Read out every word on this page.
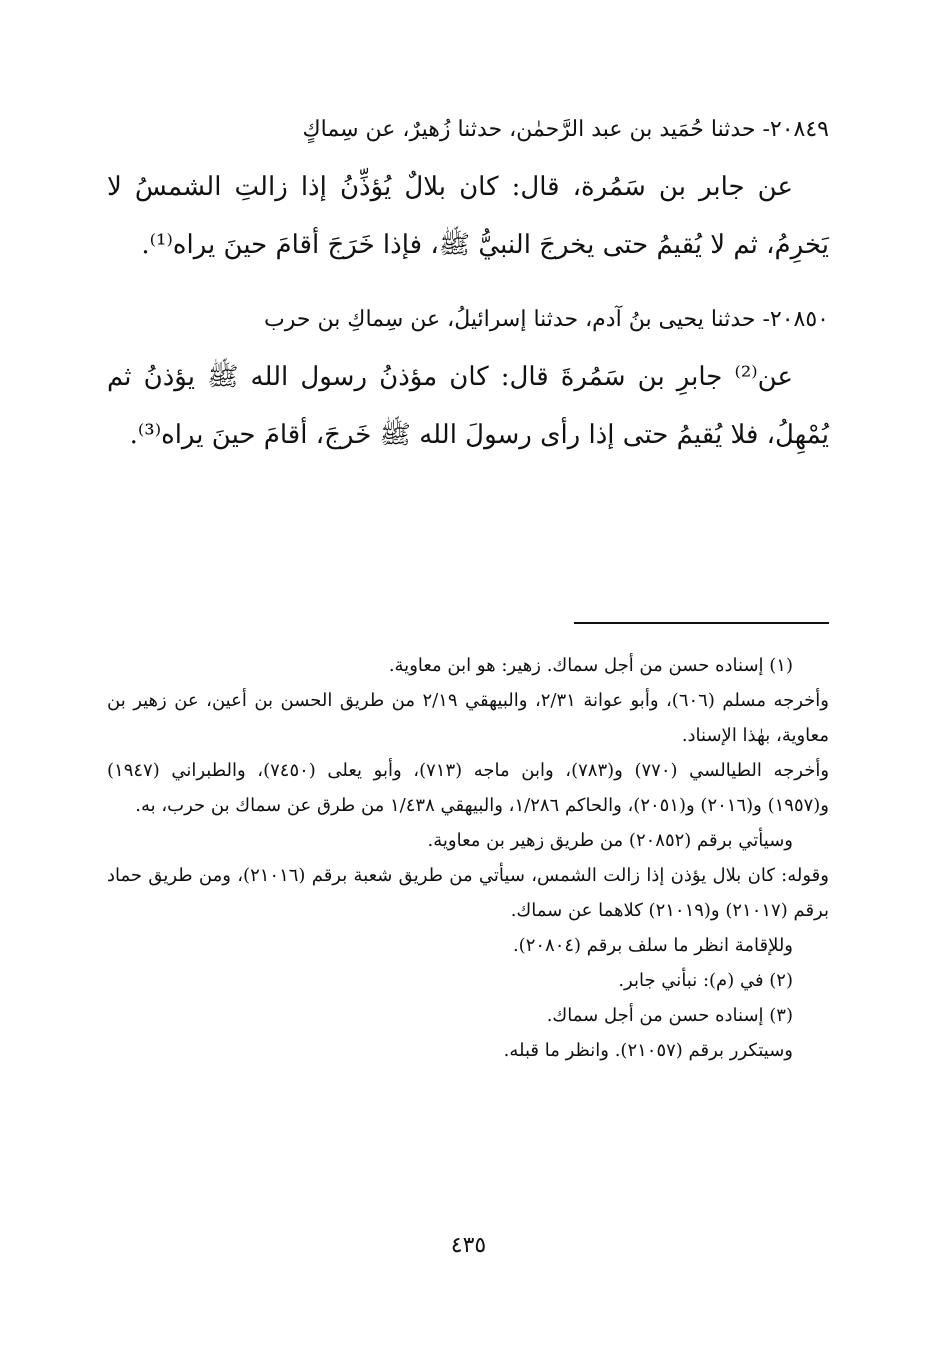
٢٠٨٤٩- حدثنا حُمَيد بن عبد الرَّحمٰن، حدثنا زُهيرٌ، عن سِماكٍ

عن جابر بن سَمُرة، قال: كان بلالٌ يُؤذِّنُ إذا زالتِ الشمسُ لا يَخرِمُ، ثم لا يُقيمُ حتى يخرجَ النبيُّ ﷺ، فإذا خَرَجَ أقامَ حينَ يراه⁽¹⁾.

٢٠٨٥٠- حدثنا يحيى بنُ آدم، حدثنا إسرائيلُ، عن سِماكِ بن حرب

عن⁽²⁾ جابرِ بن سَمُرةَ قال: كان مؤذنُ رسول الله ﷺ يؤذنُ ثم يُمْهِلُ، فلا يُقيمُ حتى إذا رأى رسولَ الله ﷺ خَرجَ، أقامَ حينَ يراه⁽³⁾.

(١) إسناده حسن من أجل سماك. زهير: هو ابن معاوية.

وأخرجه مسلم (٦٠٦)، وأبو عوانة ٢/٣١، والبيهقي ٢/١٩ من طريق الحسن بن أعين، عن زهير بن معاوية، بهٰذا الإسناد.

وأخرجه الطيالسي (٧٧٠) و(٧٨٣)، وابن ماجه (٧١٣)، وأبو يعلى (٧٤٥٠)، والطبراني (١٩٤٧) و(١٩٥٧) و(٢٠١٦) و(٢٠٥١)، والحاكم ١/٢٨٦، والبيهقي ١/٤٣٨ من طرق عن سماك بن حرب، به.

وسيأتي برقم (٢٠٨٥٢) من طريق زهير بن معاوية.

وقوله: كان بلال يؤذن إذا زالت الشمس، سيأتي من طريق شعبة برقم (٢١٠١٦)، ومن طريق حماد برقم (٢١٠١٧) و(٢١٠١٩) كلاهما عن سماك.

وللإقامة انظر ما سلف برقم (٢٠٨٠٤).

(٢) في (م): نبأني جابر.

(٣) إسناده حسن من أجل سماك.

وسيتكرر برقم (٢١٠٥٧). وانظر ما قبله.

٤٣٥
